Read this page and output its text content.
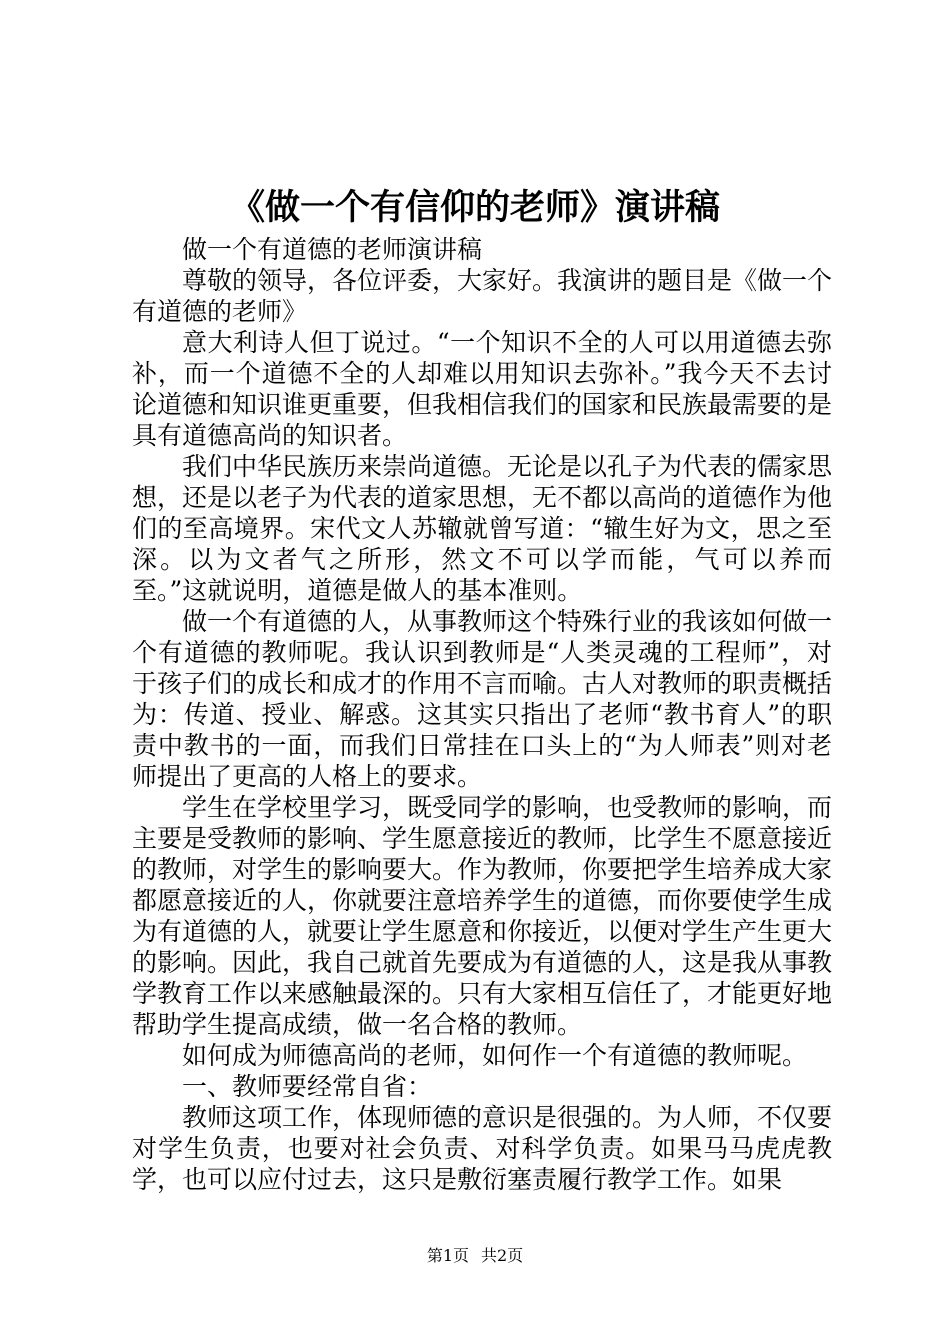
《做一个有信仰的老师》演讲稿

做一个有道德的老师演讲稿

尊敬的领导，各位评委，大家好。我演讲的题目是《做一个有道德的老师》

意大利诗人但丁说过。“一个知识不全的人可以用道德去弥补，而一个道德不全的人却难以用知识去弥补。”我今天不去讨论道德和知识谁更重要，但我相信我们的国家和民族最需要的是具有道德高尚的知识者。

我们中华民族历来崇尚道德。无论是以孔子为代表的儒家思想，还是以老子为代表的道家思想，无不都以高尚的道德作为他们的至高境界。宋代文人苏辙就曾写道：“辙生好为文，思之至深。以为文者气之所形，然文不可以学而能，气可以养而至。”这就说明，道德是做人的基本准则。

做一个有道德的人，从事教师这个特殊行业的我该如何做一个有道德的教师呢。我认识到教师是“人类灵魂的工程师”，对于孩子们的成长和成才的作用不言而喻。古人对教师的职责概括为：传道、授业、解惑。这其实只指出了老师“教书育人”的职责中教书的一面，而我们日常挂在口头上的“为人师表”则对老师提出了更高的人格上的要求。

学生在学校里学习，既受同学的影响，也受教师的影响，而主要是受教师的影响、学生愿意接近的教师，比学生不愿意接近的教师，对学生的影响要大。作为教师，你要把学生培养成大家都愿意接近的人，你就要注意培养学生的道德，而你要使学生成为有道德的人，就要让学生愿意和你接近，以便对学生产生更大的影响。因此，我自己就首先要成为有道德的人，这是我从事教学教育工作以来感触最深的。只有大家相互信任了，才能更好地帮助学生提高成绩，做一名合格的教师。

如何成为师德高尚的老师，如何作一个有道德的教师呢。

一、教师要经常自省：

教师这项工作，体现师德的意识是很强的。为人师，不仅要对学生负责，也要对社会负责、对科学负责。如果马马虎虎教学，也可以应付过去，这只是敷衍塞责履行教学工作。如果

第1页 共2页
